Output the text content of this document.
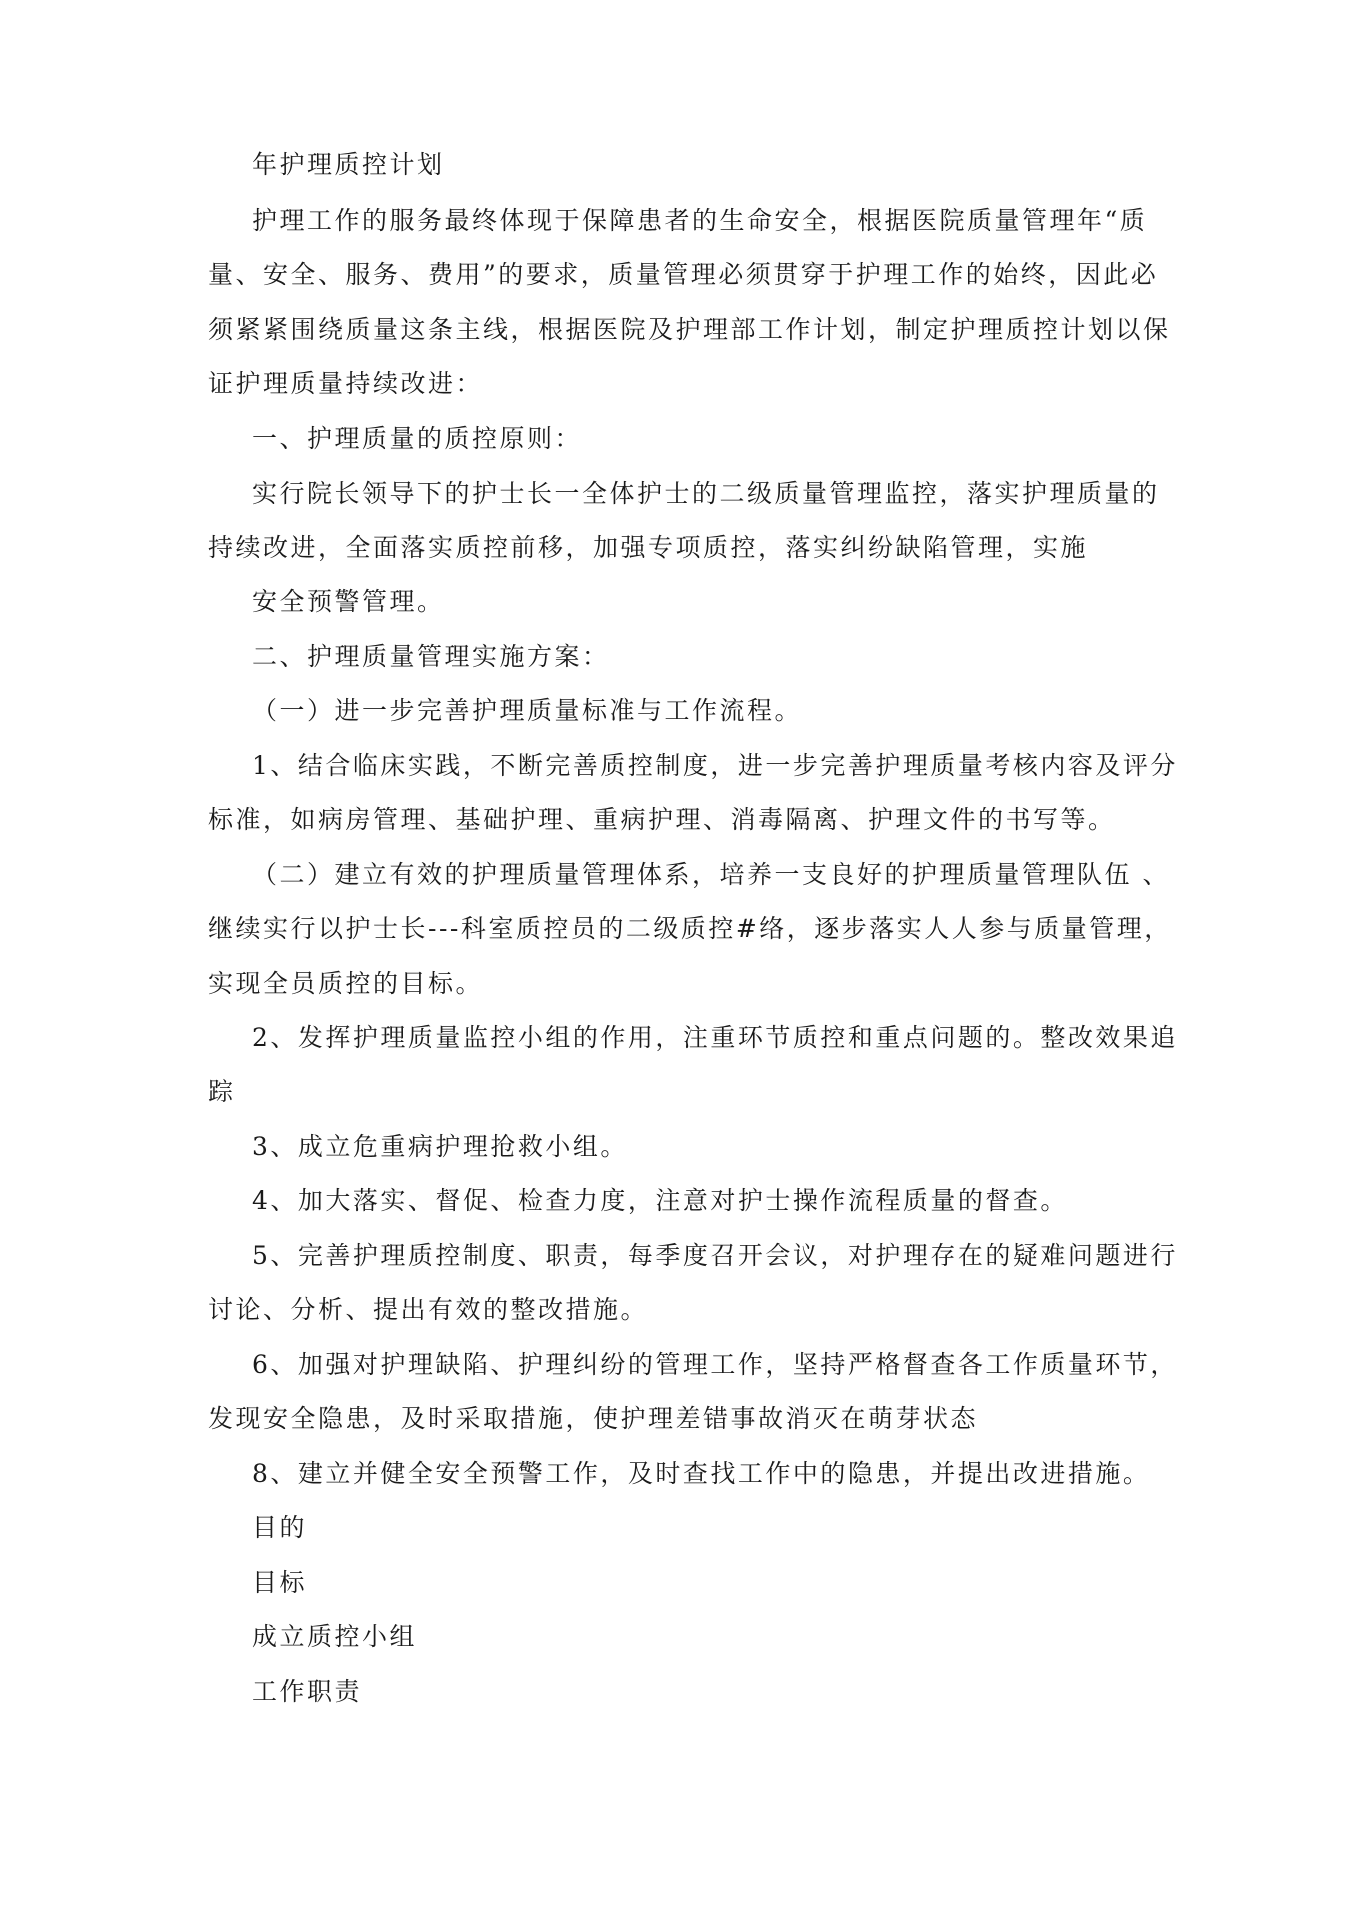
年护理质控计划
护理工作的服务最终体现于保障患者的生命安全，根据医院质量管理年“质
量、安全、服务、费用”的要求，质量管理必须贯穿于护理工作的始终，因此必
须紧紧围绕质量这条主线，根据医院及护理部工作计划，制定护理质控计划以保
证护理质量持续改进：
一、护理质量的质控原则：
实行院长领导下的护士长一全体护士的二级质量管理监控，落实护理质量的
持续改进，全面落实质控前移，加强专项质控，落实纠纷缺陷管理，实施
安全预警管理。
二、护理质量管理实施方案：
（一）进一步完善护理质量标准与工作流程。
1、结合临床实践，不断完善质控制度，进一步完善护理质量考核内容及评分
标准，如病房管理、基础护理、重病护理、消毒隔离、护理文件的书写等。
（二）建立有效的护理质量管理体系，培养一支良好的护理质量管理队伍 、
继续实行以护士长---科室质控员的二级质控#络，逐步落实人人参与质量管理，
实现全员质控的目标。
2、发挥护理质量监控小组的作用，注重环节质控和重点问题的。整改效果追
踪
3、成立危重病护理抢救小组。
4、加大落实、督促、检查力度，注意对护士操作流程质量的督查。
5、完善护理质控制度、职责，每季度召开会议，对护理存在的疑难问题进行
讨论、分析、提出有效的整改措施。
6、加强对护理缺陷、护理纠纷的管理工作，坚持严格督查各工作质量环节，
发现安全隐患，及时采取措施，使护理差错事故消灭在萌芽状态
8、建立并健全安全预警工作，及时查找工作中的隐患，并提出改进措施。
目的
目标
成立质控小组
工作职责
